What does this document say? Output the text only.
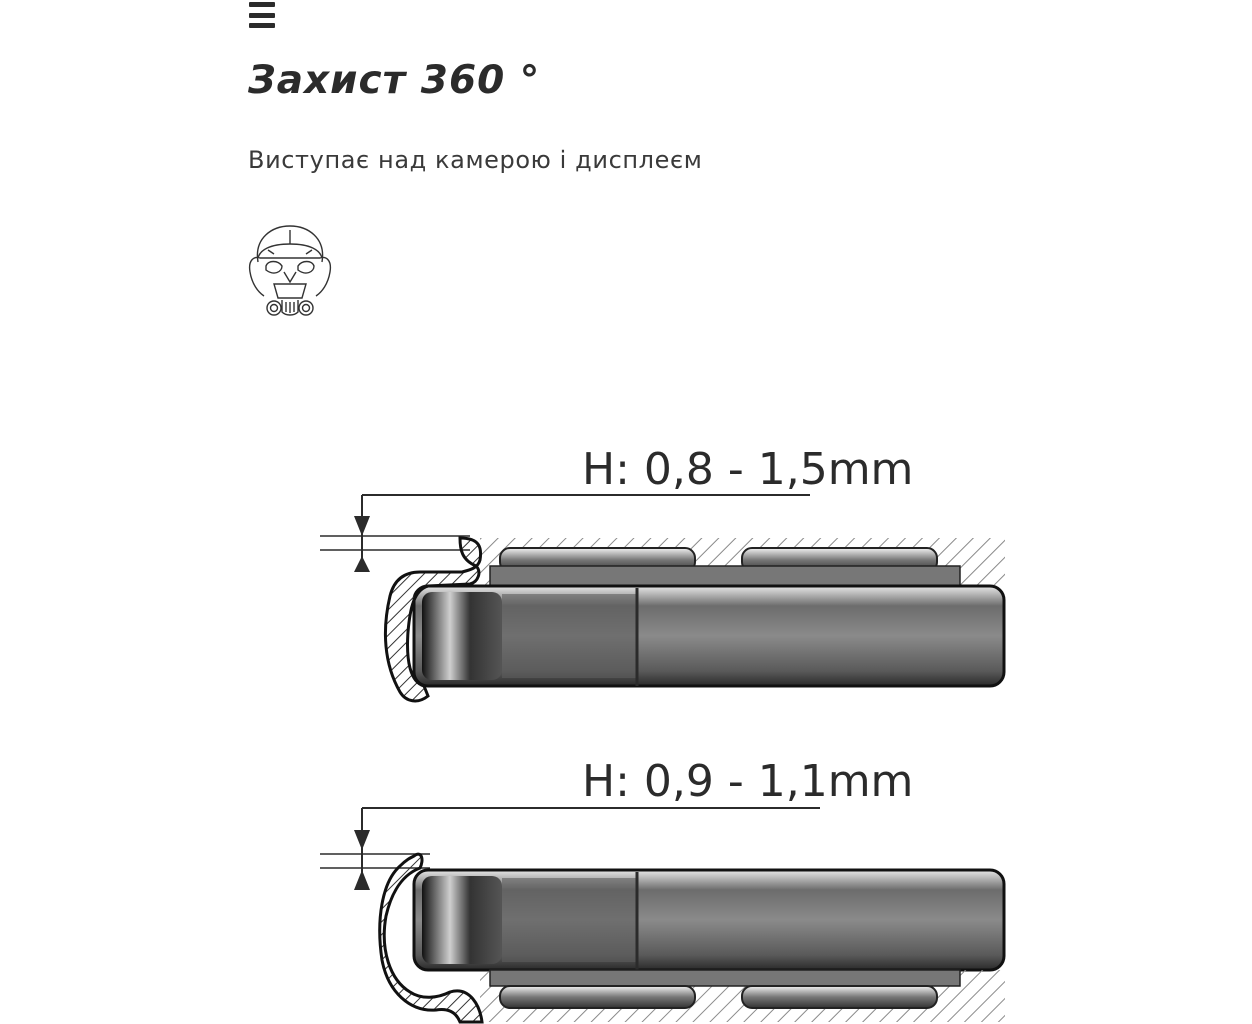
Захист 360 °

Виступає над камерою і дисплеєм

H: 0,8 - 1,5mm
H: 0,9 - 1,1mm
